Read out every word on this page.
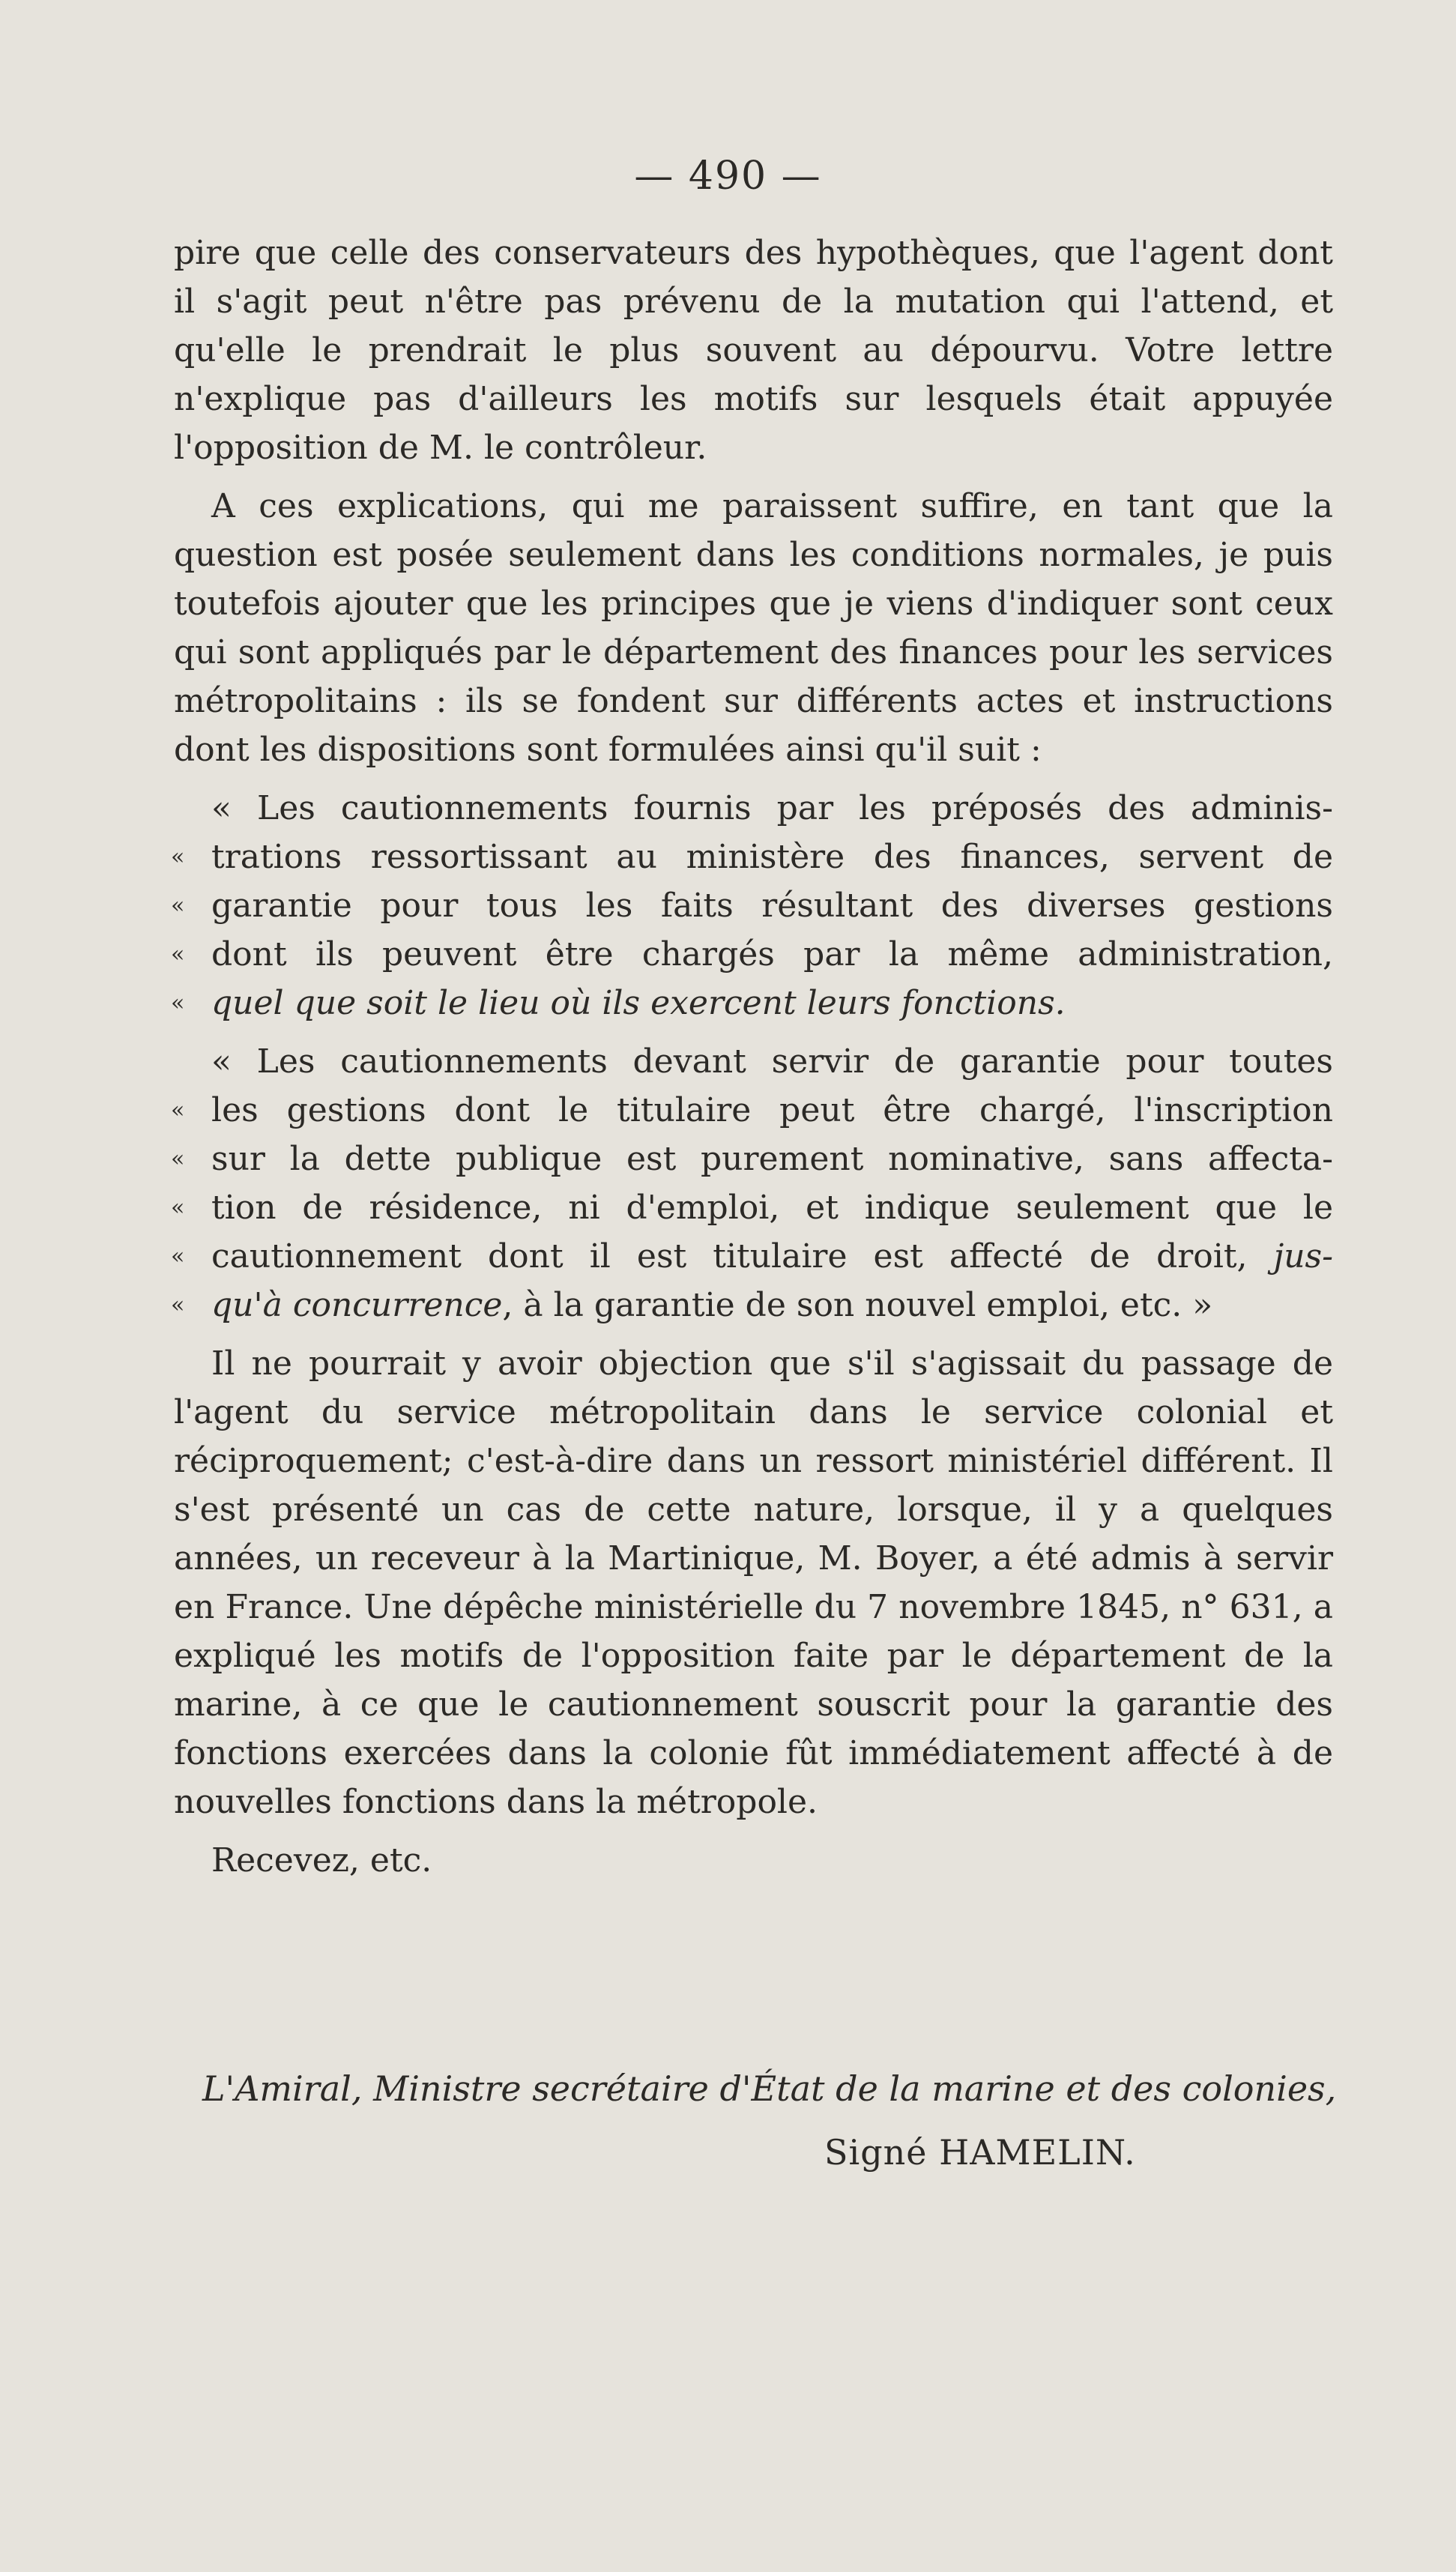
— 490 —

pire que celle des conservateurs des hypothèques, que l'agent dont il s'agit peut n'être pas prévenu de la mutation qui l'attend, et qu'elle le prendrait le plus souvent au dépourvu. Votre lettre n'explique pas d'ailleurs les motifs sur lesquels était appuyée l'opposition de M. le contrôleur.

A ces explications, qui me paraissent suffire, en tant que la question est posée seulement dans les conditions normales, je puis toutefois ajouter que les principes que je viens d'indiquer sont ceux qui sont appliqués par le département des finances pour les services métropolitains : ils se fondent sur différents actes et instructions dont les dispositions sont formulées ainsi qu'il suit :

« Les cautionnements fournis par les préposés des adminis-
« trations ressortissant au ministère des finances, servent de
« garantie pour tous les faits résultant des diverses gestions
« dont ils peuvent être chargés par la même administration,
« quel que soit le lieu où ils exercent leurs fonctions.
« Les cautionnements devant servir de garantie pour toutes
« les gestions dont le titulaire peut être chargé, l'inscription
« sur la dette publique est purement nominative, sans affecta-
« tion de résidence, ni d'emploi, et indique seulement que le
« cautionnement dont il est titulaire est affecté de droit, jus-
« qu'à concurrence, à la garantie de son nouvel emploi, etc. »

Il ne pourrait y avoir objection que s'il s'agissait du passage de l'agent du service métropolitain dans le service colonial et réciproquement; c'est-à-dire dans un ressort ministériel différent. Il s'est présenté un cas de cette nature, lorsque, il y a quelques années, un receveur à la Martinique, M. Boyer, a été admis à servir en France. Une dépêche ministérielle du 7 novembre 1845, n° 631, a expliqué les motifs de l'opposition faite par le département de la marine, à ce que le cautionnement souscrit pour la garantie des fonctions exercées dans la colonie fût immédiatement affecté à de nouvelles fonctions dans la métropole.

Recevez, etc.

L'Amiral, Ministre secrétaire d'État de la marine et des colonies,
Signé HAMELIN.
